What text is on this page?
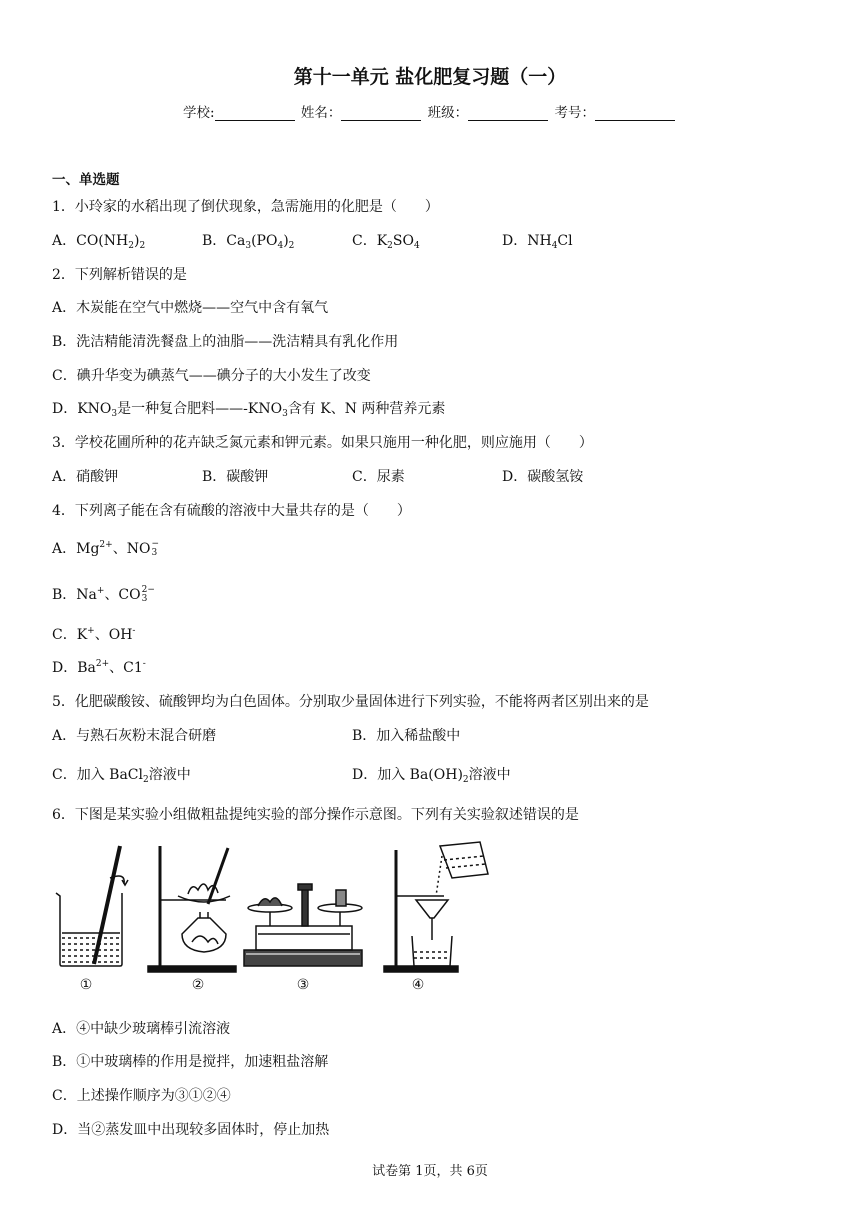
第十一单元 盐化肥复习题（一）
学校:	姓名：	班级：	考号：
一、单选题
1．小玲家的水稻出现了倒伏现象，急需施用的化肥是（　　）
A．$CO(NH_2)_2$	B．$Ca_3(PO_4)_2$	C．$K_2SO_4$	D．$NH_4Cl$
2．下列解析错误的是
A．木炭能在空气中燃烧——空气中含有氧气
B．洗洁精能清洗餐盘上的油脂——洗洁精具有乳化作用
C．碘升华变为碘蒸气——碘分子的大小发生了改变
D．$KNO_3$是一种复合肥料$——-KNO_3$含有 K、N 两种营养元素
3．学校花圃所种的花卉缺乏氮元素和钾元素。如果只施用一种化肥，则应施用（　　）
A．硝酸钾	B．碳酸钾	C．尿素	D．碳酸氢铵
4．下列离子能在含有硫酸的溶液中大量共存的是（　　）
A．$Mg^{2+}$、NO −
3
B．Na+、CO 2−
3
C．K+、OH-
D．$Ba^{2+}$、C1-
5．化肥碳酸铵、硫酸钾均为白色固体。分别取少量固体进行下列实验，不能将两者区别出来的是
A．与熟石灰粉末混合研磨	B．加入稀盐酸中
C．加入 BaCl$_2$溶液中	D．加入 $Ba(OH)_2$溶液中
6．下图是某实验小组做粗盐提纯实验的部分操作示意图。下列有关实验叙述错误的是
①	②	③	④
A．④中缺少玻璃棒引流溶液
B．①中玻璃棒的作用是搅拌，加速粗盐溶解
C．上述操作顺序为③①②④
D．当②蒸发皿中出现较多固体时，停止加热
试卷第 1页，共 6页
